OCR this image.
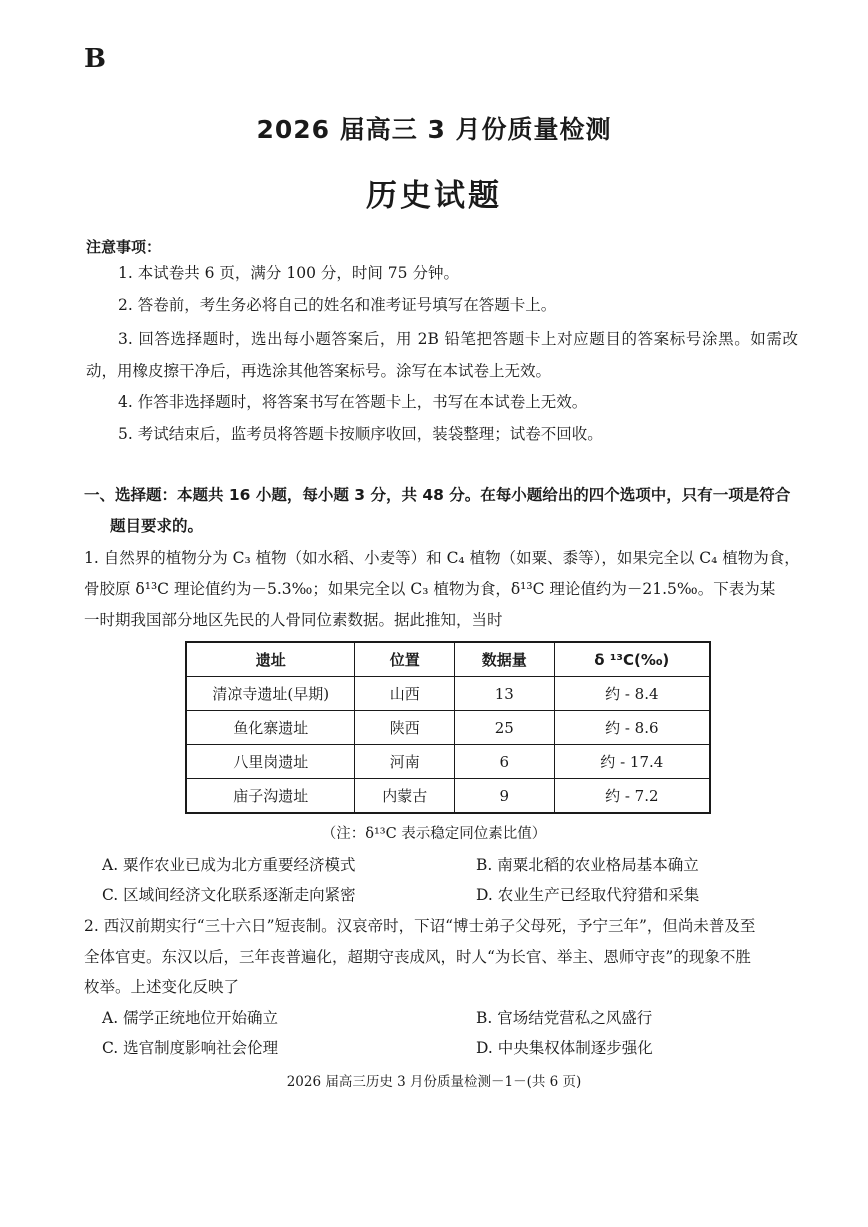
B
2026 届高三 3 月份质量检测
历史试题
注意事项：
1. 本试卷共 6 页，满分 100 分，时间 75 分钟。
2. 答卷前，考生务必将自己的姓名和准考证号填写在答题卡上。
3. 回答选择题时，选出每小题答案后，用 2B 铅笔把答题卡上对应题目的答案标号涂黑。如需改动，用橡皮擦干净后，再选涂其他答案标号。涂写在本试卷上无效。
4. 作答非选择题时，将答案书写在答题卡上，书写在本试卷上无效。
5. 考试结束后，监考员将答题卡按顺序收回，装袋整理；试卷不回收。
一、选择题：本题共 16 小题，每小题 3 分，共 48 分。在每小题给出的四个选项中，只有一项是符合
题目要求的。
1. 自然界的植物分为 C₃ 植物（如水稻、小麦等）和 C₄ 植物（如粟、黍等），如果完全以 C₄ 植物为食，
骨胶原 δ¹³C 理论值约为－5.3‰；如果完全以 C₃ 植物为食，δ¹³C 理论值约为－21.5‰。下表为某
一时期我国部分地区先民的人骨同位素数据。据此推知，当时
遗址	位置	数据量	δ ¹³C(‰)
清凉寺遗址(早期)	山西	13	约 - 8.4
鱼化寨遗址	陕西	25	约 - 8.6
八里岗遗址	河南	6	约 - 17.4
庙子沟遗址	内蒙古	9	约 - 7.2
（注：δ¹³C 表示稳定同位素比值）
A. 粟作农业已成为北方重要经济模式	B. 南粟北稻的农业格局基本确立
C. 区域间经济文化联系逐渐走向紧密	D. 农业生产已经取代狩猎和采集
2. 西汉前期实行“三十六日”短丧制。汉哀帝时，下诏“博士弟子父母死，予宁三年”，但尚未普及至
全体官吏。东汉以后，三年丧普遍化，超期守丧成风，时人“为长官、举主、恩师守丧”的现象不胜
枚举。上述变化反映了
A. 儒学正统地位开始确立	B. 官场结党营私之风盛行
C. 选官制度影响社会伦理	D. 中央集权体制逐步强化
2026 届高三历史 3 月份质量检测－1－(共 6 页)
